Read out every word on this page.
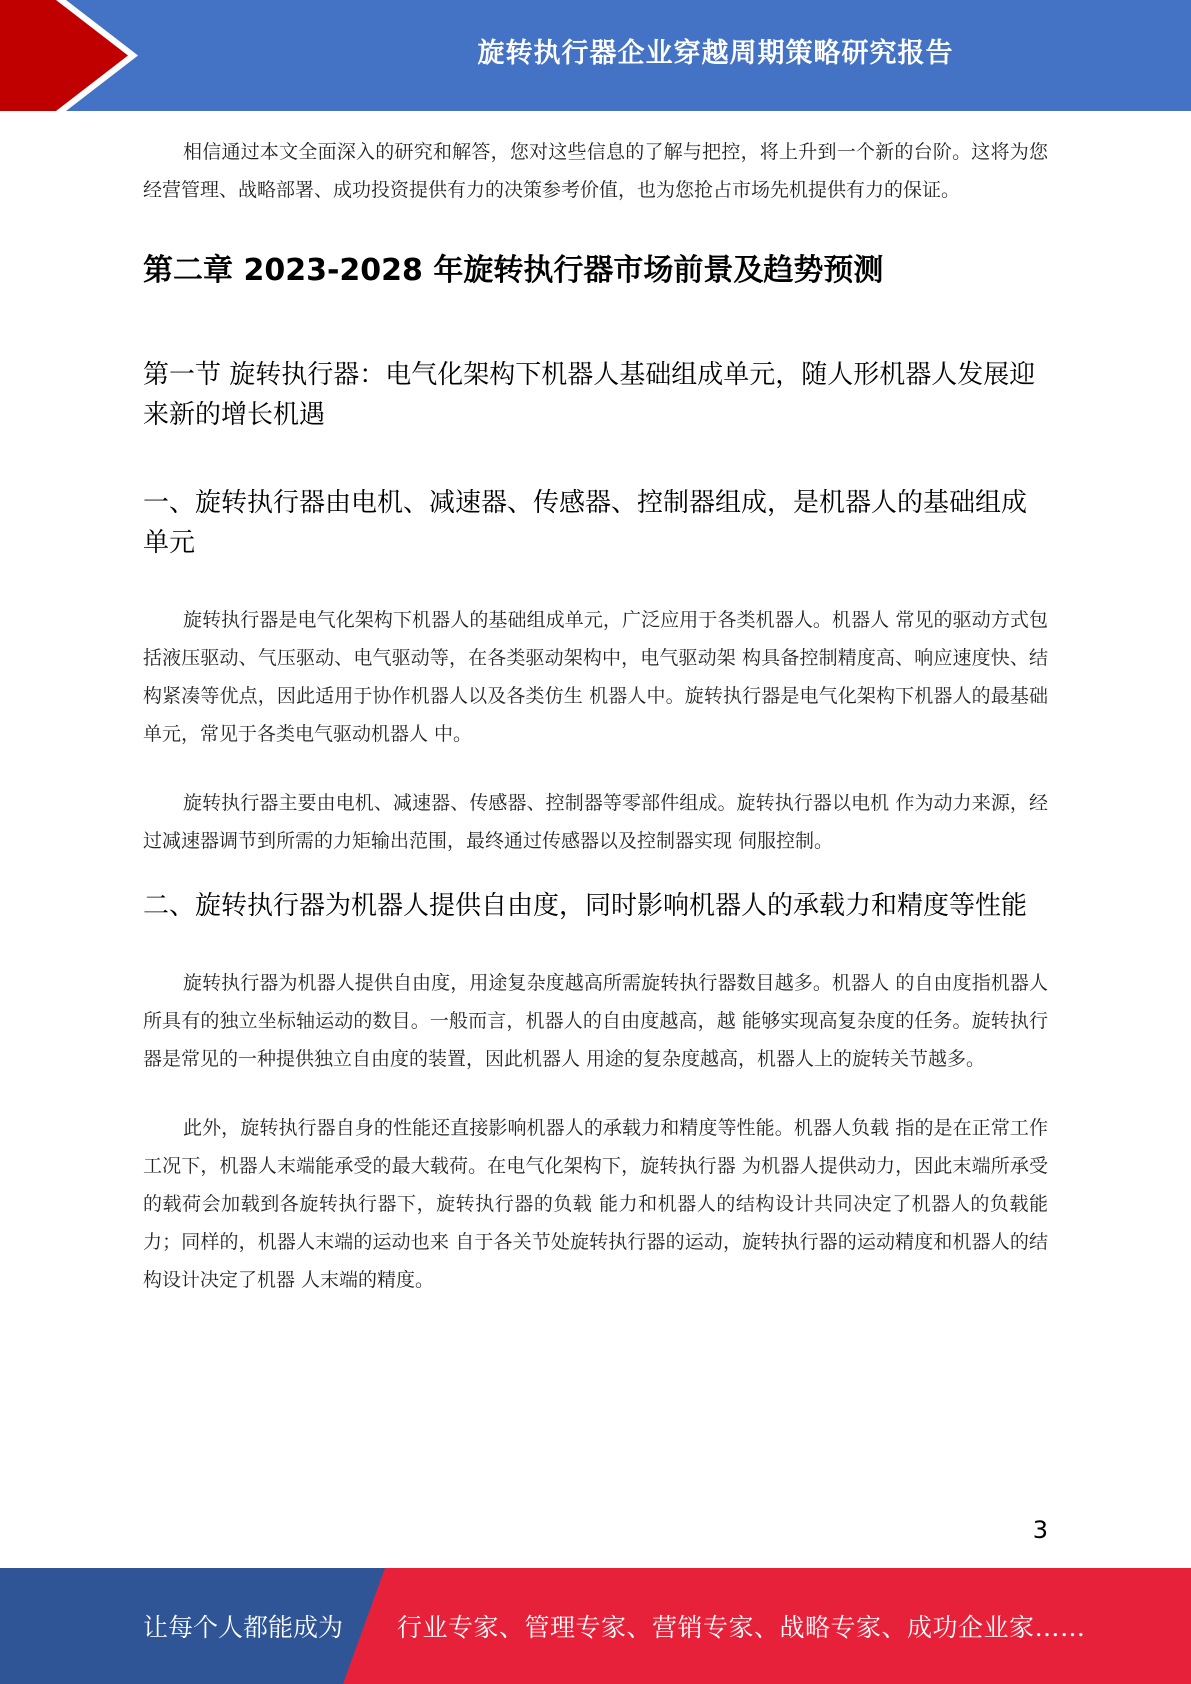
旋转执行器企业穿越周期策略研究报告

相信通过本文全面深入的研究和解答，您对这些信息的了解与把控，将上升到一个新的台阶。这将为您经营管理、战略部署、成功投资提供有力的决策参考价值，也为您抢占市场先机提供有力的保证。

第二章 2023-2028 年旋转执行器市场前景及趋势预测
第一节 旋转执行器：电气化架构下机器人基础组成单元，随人形机器人发展迎来新的增长机遇
一、旋转执行器由电机、减速器、传感器、控制器组成，是机器人的基础组成 单元

旋转执行器是电气化架构下机器人的基础组成单元，广泛应用于各类机器人。机器人 常见的驱动方式包括液压驱动、气压驱动、电气驱动等，在各类驱动架构中，电气驱动架 构具备控制精度高、响应速度快、结构紧凑等优点，因此适用于协作机器人以及各类仿生 机器人中。旋转执行器是电气化架构下机器人的最基础单元，常见于各类电气驱动机器人 中。

旋转执行器主要由电机、减速器、传感器、控制器等零部件组成。旋转执行器以电机 作为动力来源，经过减速器调节到所需的力矩输出范围，最终通过传感器以及控制器实现 伺服控制。

二、旋转执行器为机器人提供自由度，同时影响机器人的承载力和精度等性能

旋转执行器为机器人提供自由度，用途复杂度越高所需旋转执行器数目越多。机器人 的自由度指机器人所具有的独立坐标轴运动的数目。一般而言，机器人的自由度越高，越 能够实现高复杂度的任务。旋转执行器是常见的一种提供独立自由度的装置，因此机器人 用途的复杂度越高，机器人上的旋转关节越多。

此外，旋转执行器自身的性能还直接影响机器人的承载力和精度等性能。机器人负载 指的是在正常工作工况下，机器人末端能承受的最大载荷。在电气化架构下，旋转执行器 为机器人提供动力，因此末端所承受的载荷会加载到各旋转执行器下，旋转执行器的负载 能力和机器人的结构设计共同决定了机器人的负载能力；同样的，机器人末端的运动也来 自于各关节处旋转执行器的运动，旋转执行器的运动精度和机器人的结构设计决定了机器 人末端的精度。

3
让每个人都能成为 行业专家、管理专家、营销专家、战略专家、成功企业家……
